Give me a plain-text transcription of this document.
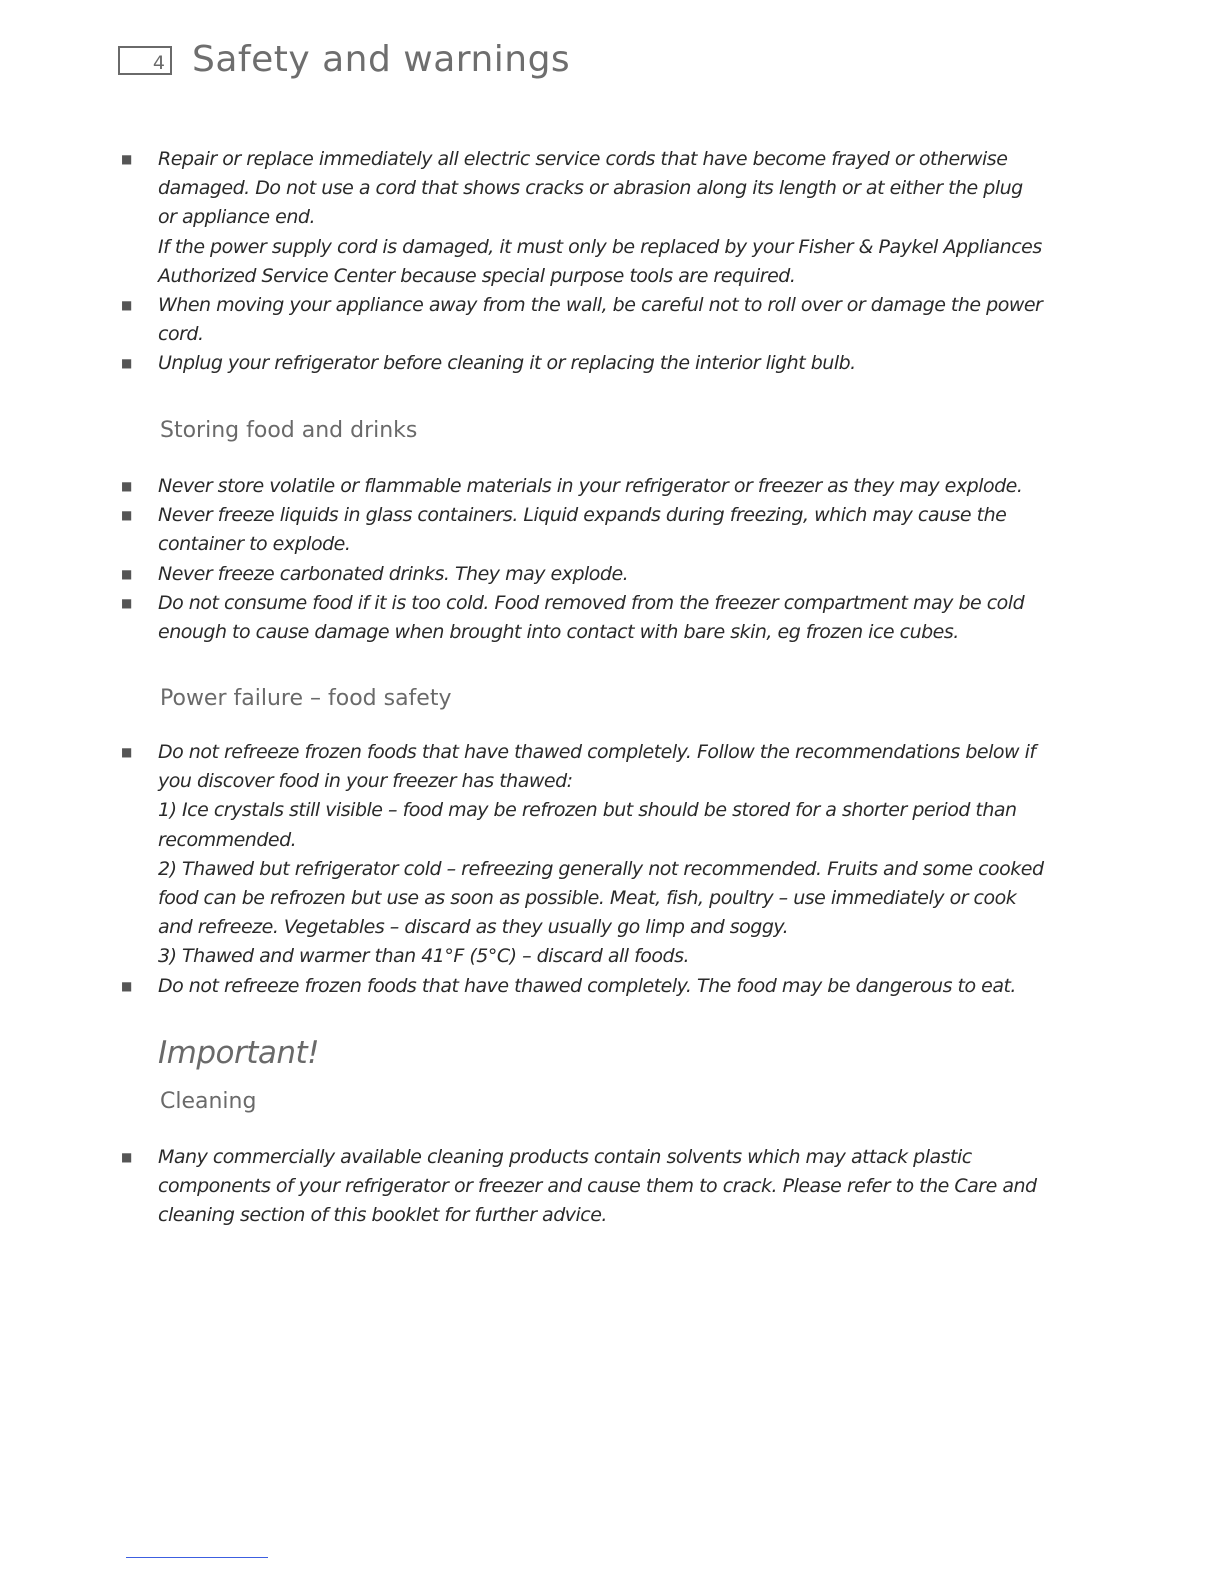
4 Safety and warnings
■ Repair or replace immediately all electric service cords that have become frayed or otherwise
damaged. Do not use a cord that shows cracks or abrasion along its length or at either the plug
or appliance end.
If the power supply cord is damaged, it must only be replaced by your Fisher & Paykel Appliances
Authorized Service Center because special purpose tools are required.
■ When moving your appliance away from the wall, be careful not to roll over or damage the power
cord.
■ Unplug your refrigerator before cleaning it or replacing the interior light bulb.
Storing food and drinks
■ Never store volatile or flammable materials in your refrigerator or freezer as they may explode.
■ Never freeze liquids in glass containers. Liquid expands during freezing, which may cause the
container to explode.
■ Never freeze carbonated drinks. They may explode.
■ Do not consume food if it is too cold. Food removed from the freezer compartment may be cold
enough to cause damage when brought into contact with bare skin, eg frozen ice cubes.
Power failure – food safety
■ Do not refreeze frozen foods that have thawed completely. Follow the recommendations below if
you discover food in your freezer has thawed:
1) Ice crystals still visible – food may be refrozen but should be stored for a shorter period than
recommended.
2) Thawed but refrigerator cold – refreezing generally not recommended. Fruits and some cooked
food can be refrozen but use as soon as possible. Meat, fish, poultry – use immediately or cook
and refreeze. Vegetables – discard as they usually go limp and soggy.
3) Thawed and warmer than 41°F (5°C) – discard all foods.
■ Do not refreeze frozen foods that have thawed completely. The food may be dangerous to eat.
Important!
Cleaning
■ Many commercially available cleaning products contain solvents which may attack plastic
components of your refrigerator or freezer and cause them to crack. Please refer to the Care and
cleaning section of this booklet for further advice.
